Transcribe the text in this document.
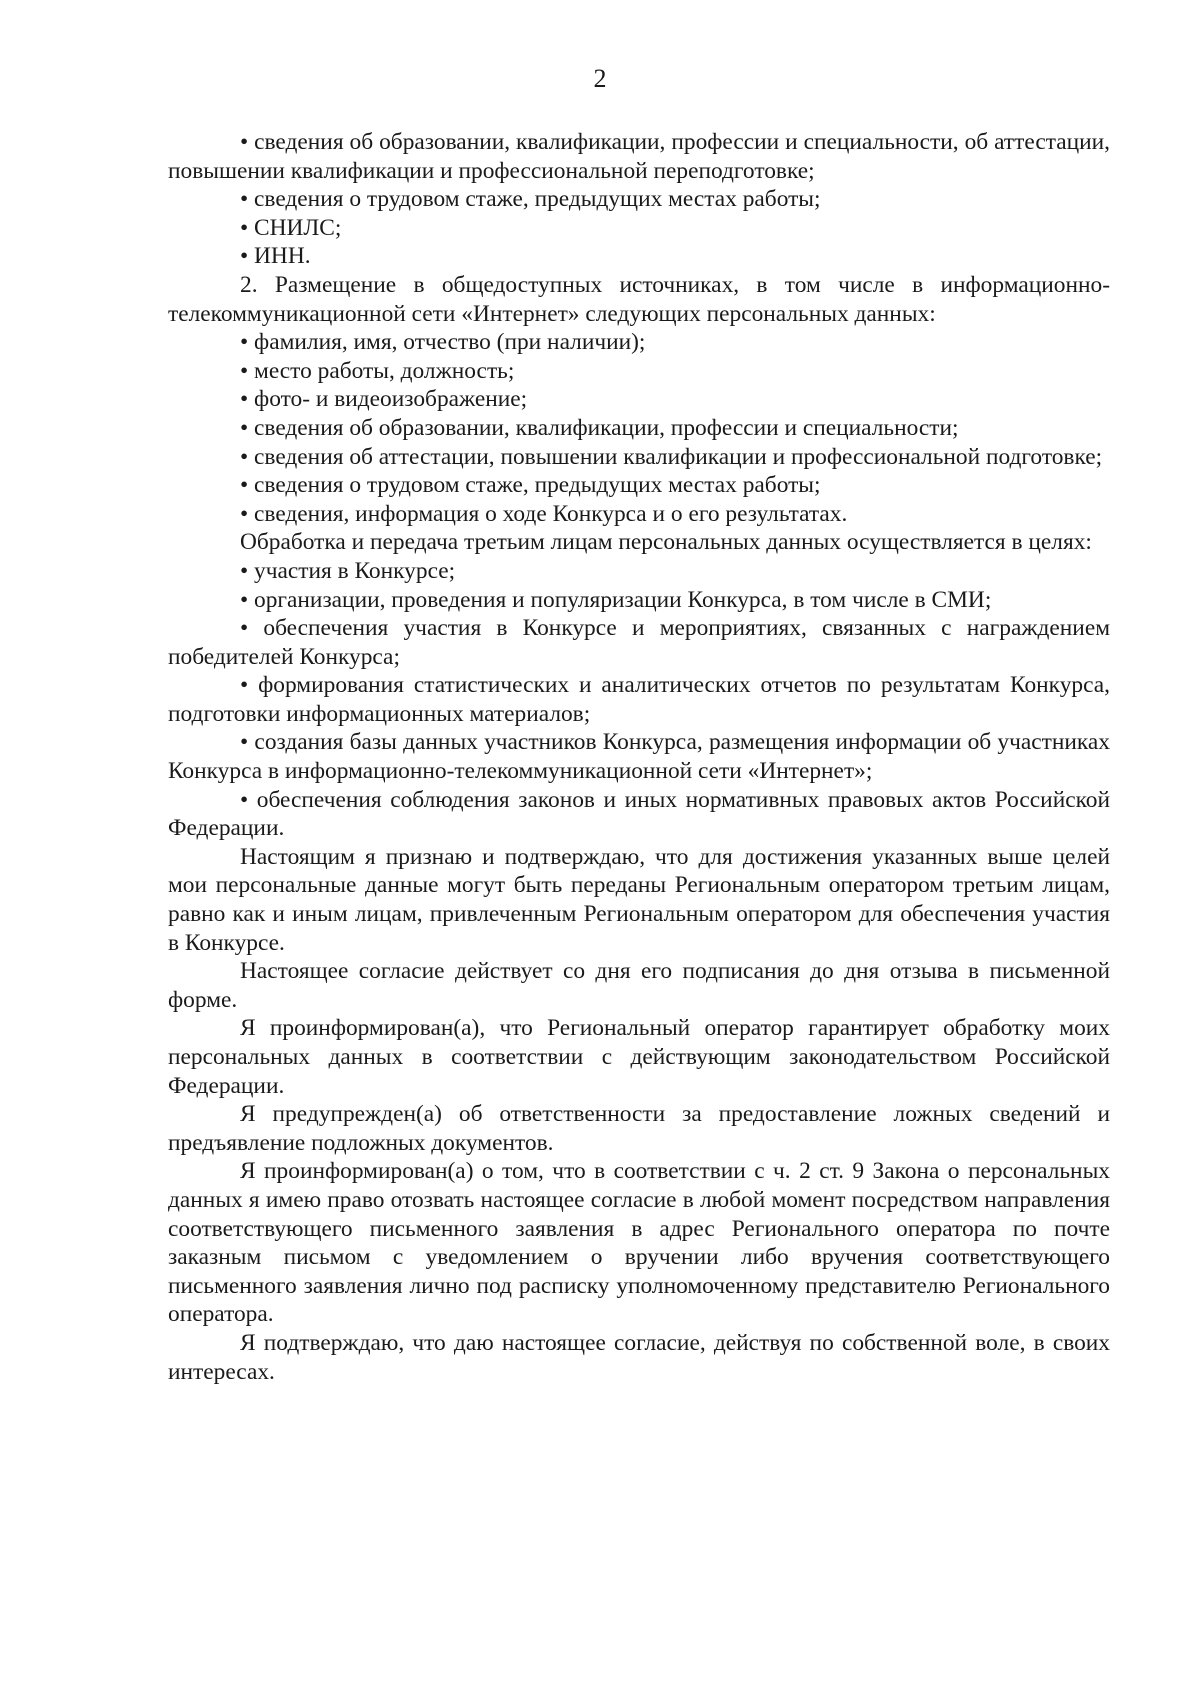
2

• сведения об образовании, квалификации, профессии и специальности, об аттестации, повышении квалификации и профессиональной переподготовке;

• сведения о трудовом стаже, предыдущих местах работы;

• СНИЛС;

• ИНН.

2. Размещение в общедоступных источниках, в том числе в информационно-телекоммуникационной сети «Интернет» следующих персональных данных:

• фамилия, имя, отчество (при наличии);

• место работы, должность;

• фото- и видеоизображение;

• сведения об образовании, квалификации, профессии и специальности;

• сведения об аттестации, повышении квалификации и профессиональной подготовке;

• сведения о трудовом стаже, предыдущих местах работы;

• сведения, информация о ходе Конкурса и о его результатах.

Обработка и передача третьим лицам персональных данных осуществляется в целях:

• участия в Конкурсе;

• организации, проведения и популяризации Конкурса, в том числе в СМИ;

• обеспечения участия в Конкурсе и мероприятиях, связанных с награждением победителей Конкурса;

• формирования статистических и аналитических отчетов по результатам Конкурса, подготовки информационных материалов;

• создания базы данных участников Конкурса, размещения информации об участниках Конкурса в информационно-телекоммуникационной сети «Интернет»;

• обеспечения соблюдения законов и иных нормативных правовых актов Российской Федерации.

Настоящим я признаю и подтверждаю, что для достижения указанных выше целей мои персональные данные могут быть переданы Региональным оператором третьим лицам, равно как и иным лицам, привлеченным Региональным оператором для обеспечения участия в Конкурсе.

Настоящее согласие действует со дня его подписания до дня отзыва в письменной форме.

Я проинформирован(а), что Региональный оператор гарантирует обработку моих персональных данных в соответствии с действующим законодательством Российской Федерации.

Я предупрежден(а) об ответственности за предоставление ложных сведений и предъявление подложных документов.

Я проинформирован(а) о том, что в соответствии с ч. 2 ст. 9 Закона о персональных данных я имею право отозвать настоящее согласие в любой момент посредством направления соответствующего письменного заявления в адрес Регионального оператора по почте заказным письмом с уведомлением о вручении либо вручения соответствующего письменного заявления лично под расписку уполномоченному представителю Регионального оператора.

Я подтверждаю, что даю настоящее согласие, действуя по собственной воле, в своих интересах.
